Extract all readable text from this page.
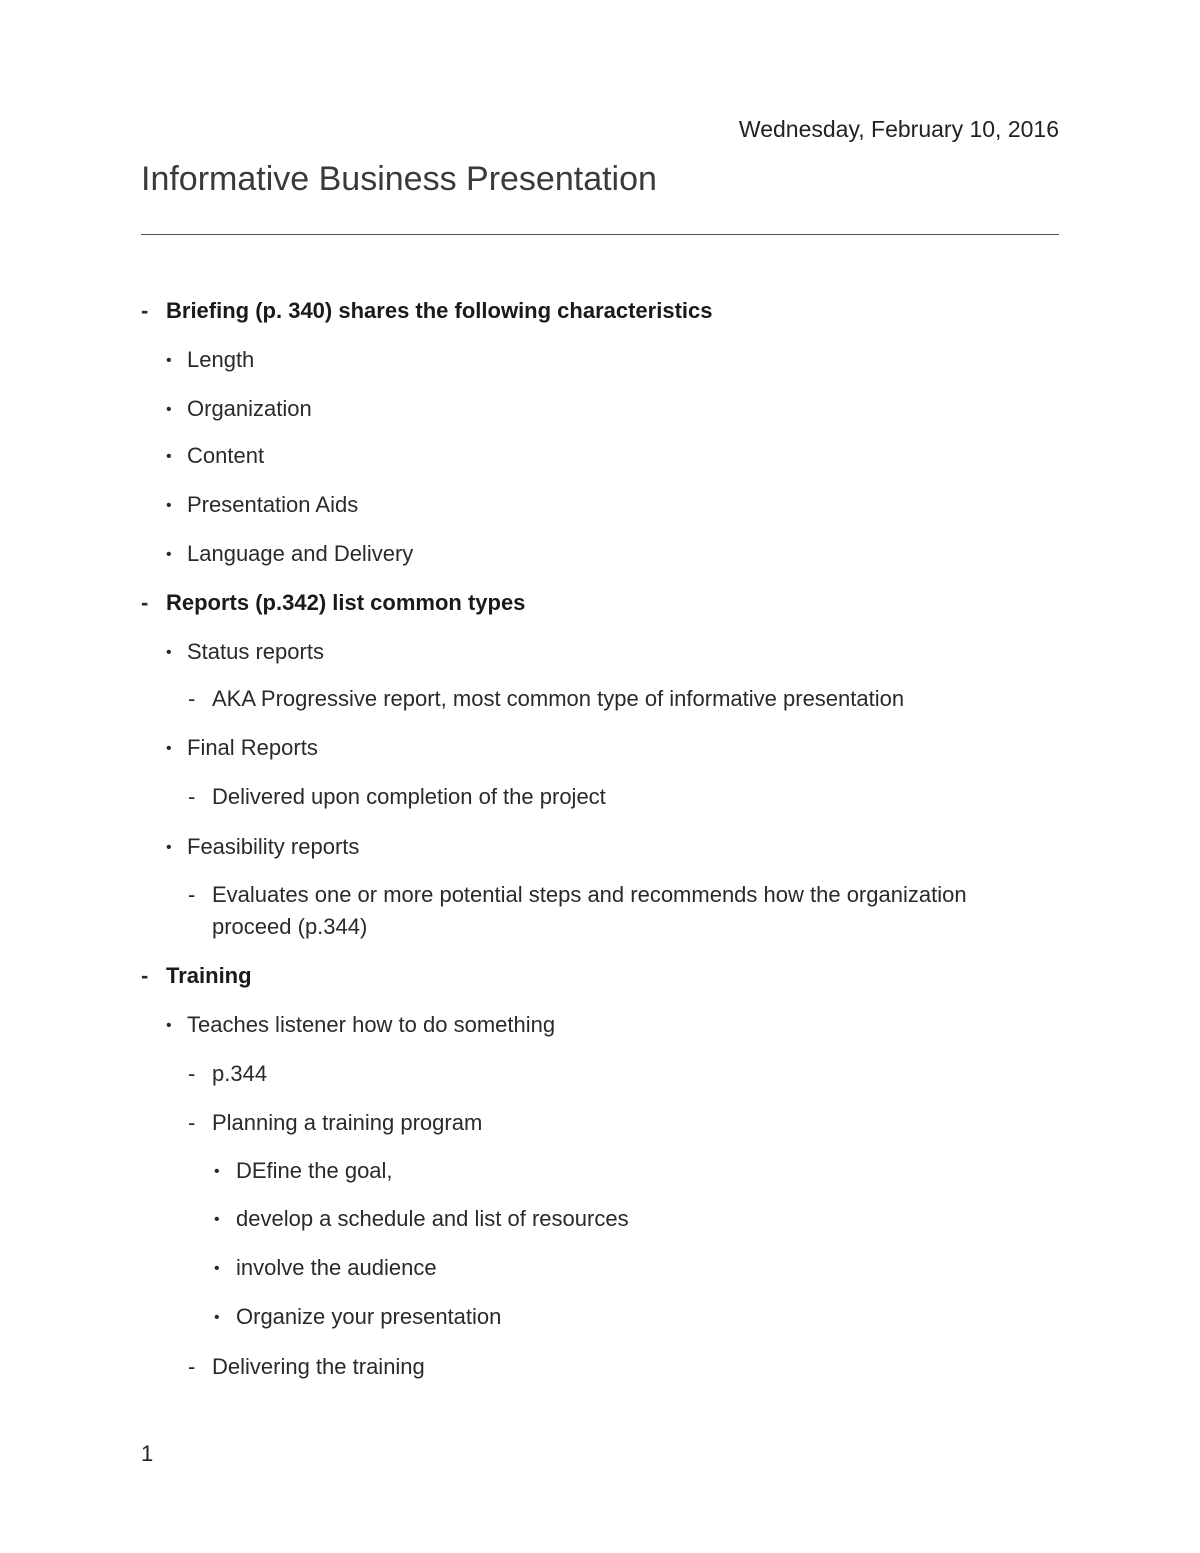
Wednesday, February 10, 2016
Informative Business Presentation
- Briefing (p. 340) shares the following characteristics
• Length
• Organization
• Content
• Presentation Aids
• Language and Delivery
- Reports (p.342) list common types
• Status reports
- AKA Progressive report, most common type of informative presentation
• Final Reports
- Delivered upon completion of the project
• Feasibility reports
- Evaluates one or more potential steps and recommends how the organization proceed (p.344)
- Training
• Teaches listener how to do something
- p.344
- Planning a training program
• DEfine the goal,
• develop a schedule and list of resources
• involve the audience
• Organize your presentation
- Delivering the training
1
